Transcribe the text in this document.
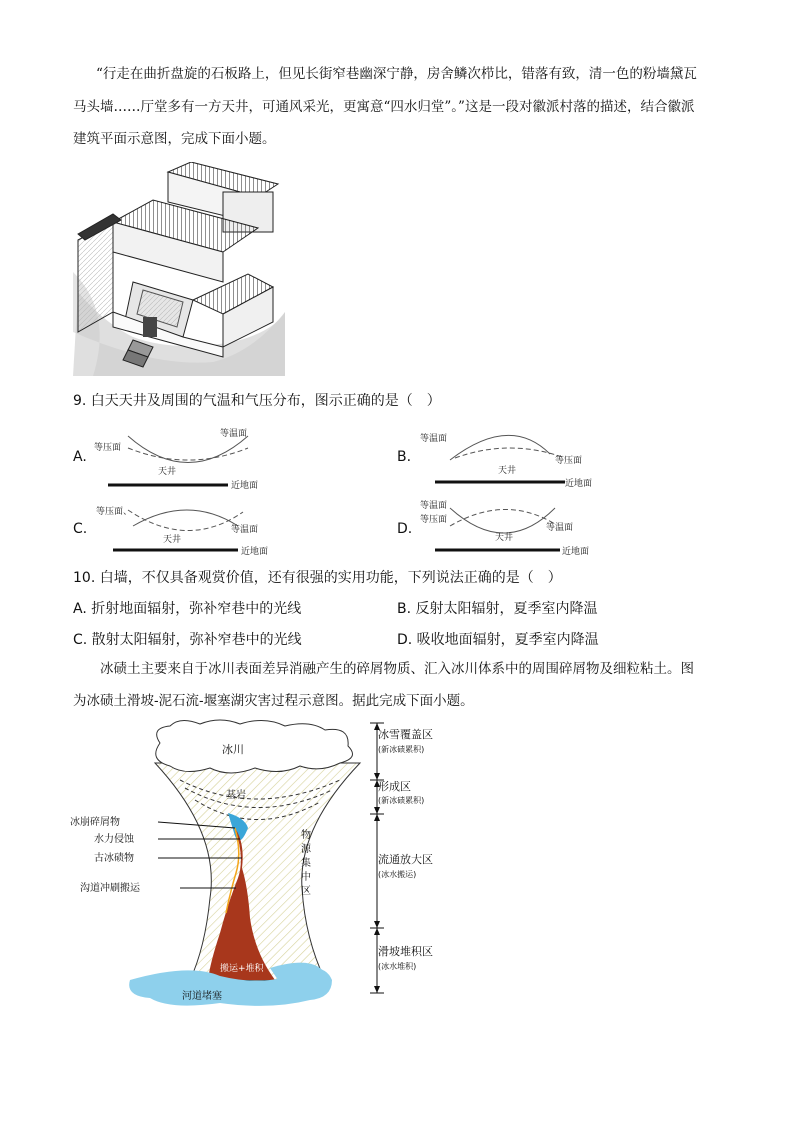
“行走在曲折盘旋的石板路上，但见长街窄巷幽深宁静，房舍鳞次栉比，错落有致，清一色的粉墙黛瓦
马头墙……厅堂多有一方天井，可通风采光，更寓意“四水归堂”。”这是一段对徽派村落的描述，结合徽派
建筑平面示意图，完成下面小题。
9. 白天天井及周围的气温和气压分布，图示正确的是（　）
A.
等压面
等温面
天井
近地面
B.
等温面
等压面
天井
近地面
C.
等压面、
等温面
天井
近地面
D.
等温面
等压面
等温面
天井
近地面
10. 白墙，不仅具备观赏价值，还有很强的实用功能，下列说法正确的是（　）
A. 折射地面辐射，弥补窄巷中的光线	B. 反射太阳辐射，夏季室内降温
C. 散射太阳辐射，弥补窄巷中的光线	D. 吸收地面辐射，夏季室内降温
冰碛土主要来自于冰川表面差异消融产生的碎屑物质、汇入冰川体系中的周围碎屑物及细粒粘土。图
为冰碛土滑坡-泥石流-堰塞湖灾害过程示意图。据此完成下面小题。
冰川
基岩
冰崩碎屑物
水力侵蚀
古冰碛物
沟道冲刷搬运
物
源
集
中
区
搬运+堆积
河道堵塞
冰雪覆盖区
(新冰碛累积)
形成区
(新冰碛累积)
流通放大区
(冰水搬运)
滑坡堆积区
(冰水堆积)
